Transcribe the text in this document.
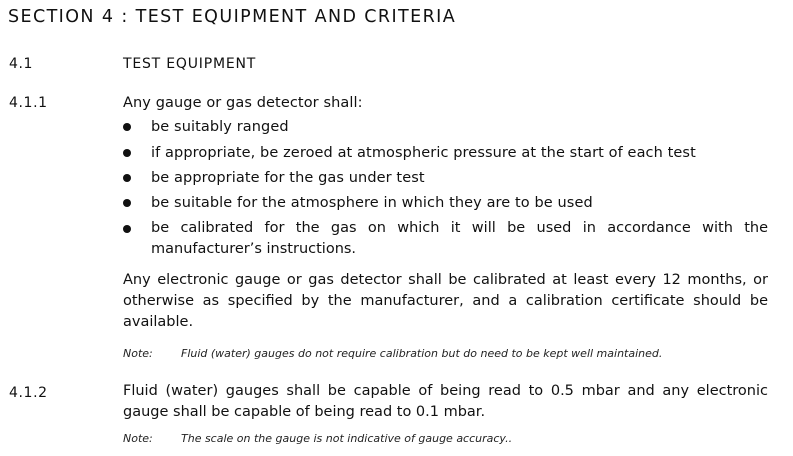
SECTION 4 : TEST EQUIPMENT AND CRITERIA
4.1	TEST EQUIPMENT
4.1.1	Any gauge or gas detector shall:
be suitably ranged
if appropriate, be zeroed at atmospheric pressure at the start of each test
be appropriate for the gas under test
be suitable for the atmosphere in which they are to be used
be calibrated for the gas on which it will be used in accordance with the manufacturer’s instructions.
Any electronic gauge or gas detector shall be calibrated at least every 12 months, or otherwise as specified by the manufacturer, and a calibration certificate should be available.
Note:	Fluid (water) gauges do not require calibration but do need to be kept well maintained.
4.1.2	Fluid (water) gauges shall be capable of being read to 0.5 mbar and any electronic gauge shall be capable of being read to 0.1 mbar.
Note:	The scale on the gauge is not indicative of gauge accuracy..
